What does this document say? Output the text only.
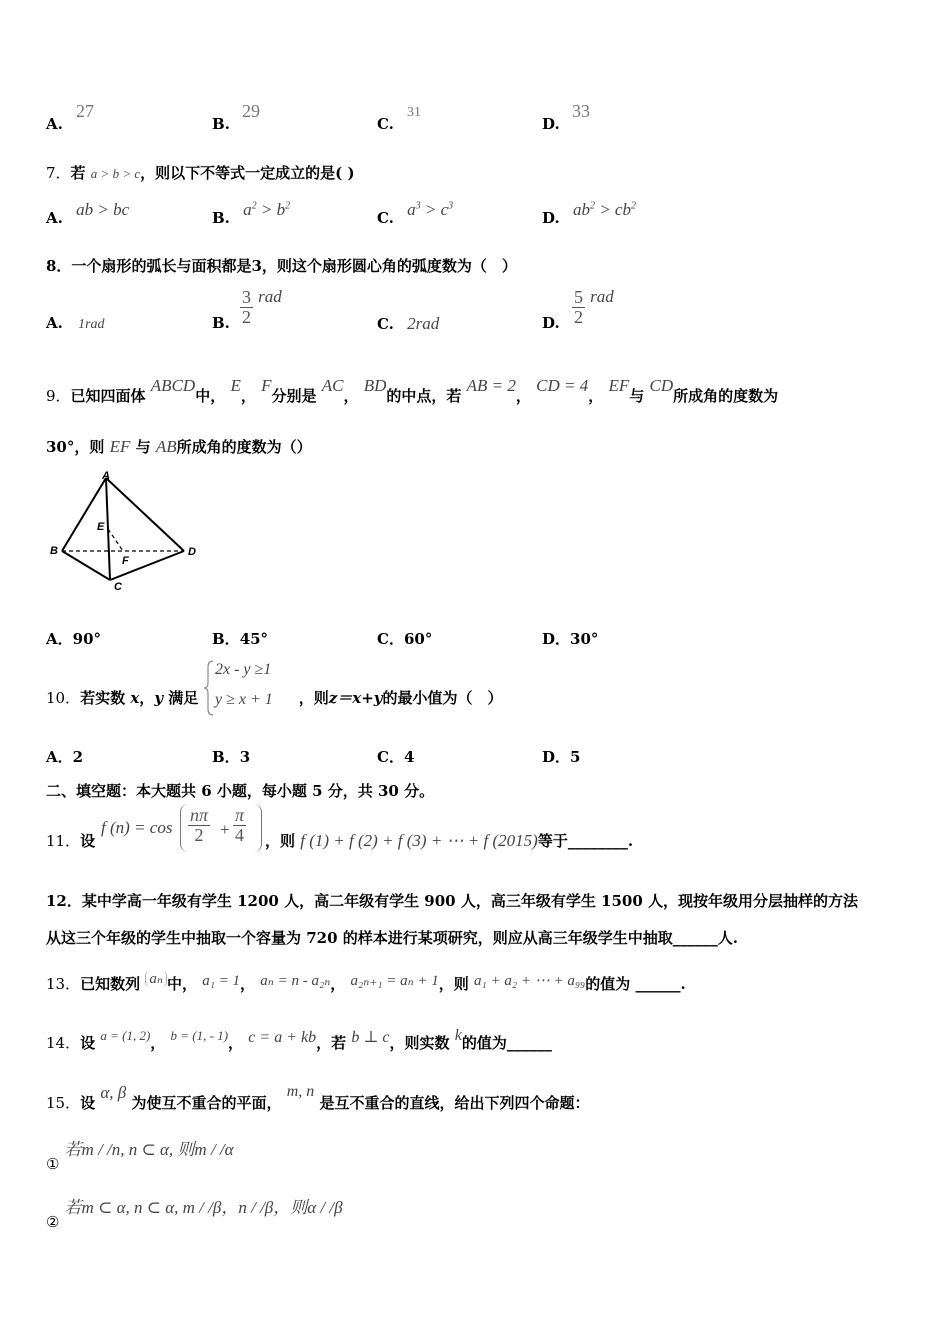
A.
27
B.
29
C.
31
D.
33
7．若 a > b > c，则以下不等式一定成立的是( )
A. ab > bc	B. $a^2 > b^2$
C. $a^3 > c^3$
D. $ab^2 > cb^2$
8．一个扇形的弧长与面积都是3，则这个扇形圆心角的弧度数为（　）
A. 1rad	B. $\frac{3}{2}$ rad
C. 2rad	D. $\frac{5}{2}$ rad
9．已知四面体 ABCD中， E， F分别是 AC， BD的中点，若 AB = 2， CD = 4， EF与 CD所成角的度数为
30°，则 EF 与 AB所成角的度数为（）
A
B
C
D
E
F
A．90°	B．45°	C．60°	D．30°
10．若实数 x，y 满足	，则z＝x+y的最小值为（　）
2x - y ≥1
y ≥ x + 1
A．2	B．3	C．4	D．5
二、填空题：本大题共 6 小题，每小题 5 分，共 30 分。
11．设
f $(n) = \cos \frac{n\pi}{2} + \frac{\pi}{4}$ ，则 f (1) + f (2) + f (3) + ⋯ + f (2015)等于________.
12．某中学高一年级有学生 1200 人，高二年级有学生 900 人，高三年级有学生 1500 人，现按年级用分层抽样的方法
从这三个年级的学生中抽取一个容量为 720 的样本进行某项研究，则应从高三年级学生中抽取______人.
13．已知数列 aₙ 中， a₁ = 1， aₙ = n - a₂ₙ， a₂ₙ₊₁ = aₙ + 1，则 a₁ + a₂ + ⋯ + a₉₉的值为 ______.
14．设 a = (1, 2)， b = (1, - 1)， c = a + kb，若 b ⊥ c，则实数 k的值为______
15．设 α, β 为使互不重合的平面， m, n 是互不重合的直线，给出下列四个命题：
① 若m / /n, n ⊂ α, 则m / /α
② 若m ⊂ α, n ⊂ α, m / /β，n / /β，则α / /β
